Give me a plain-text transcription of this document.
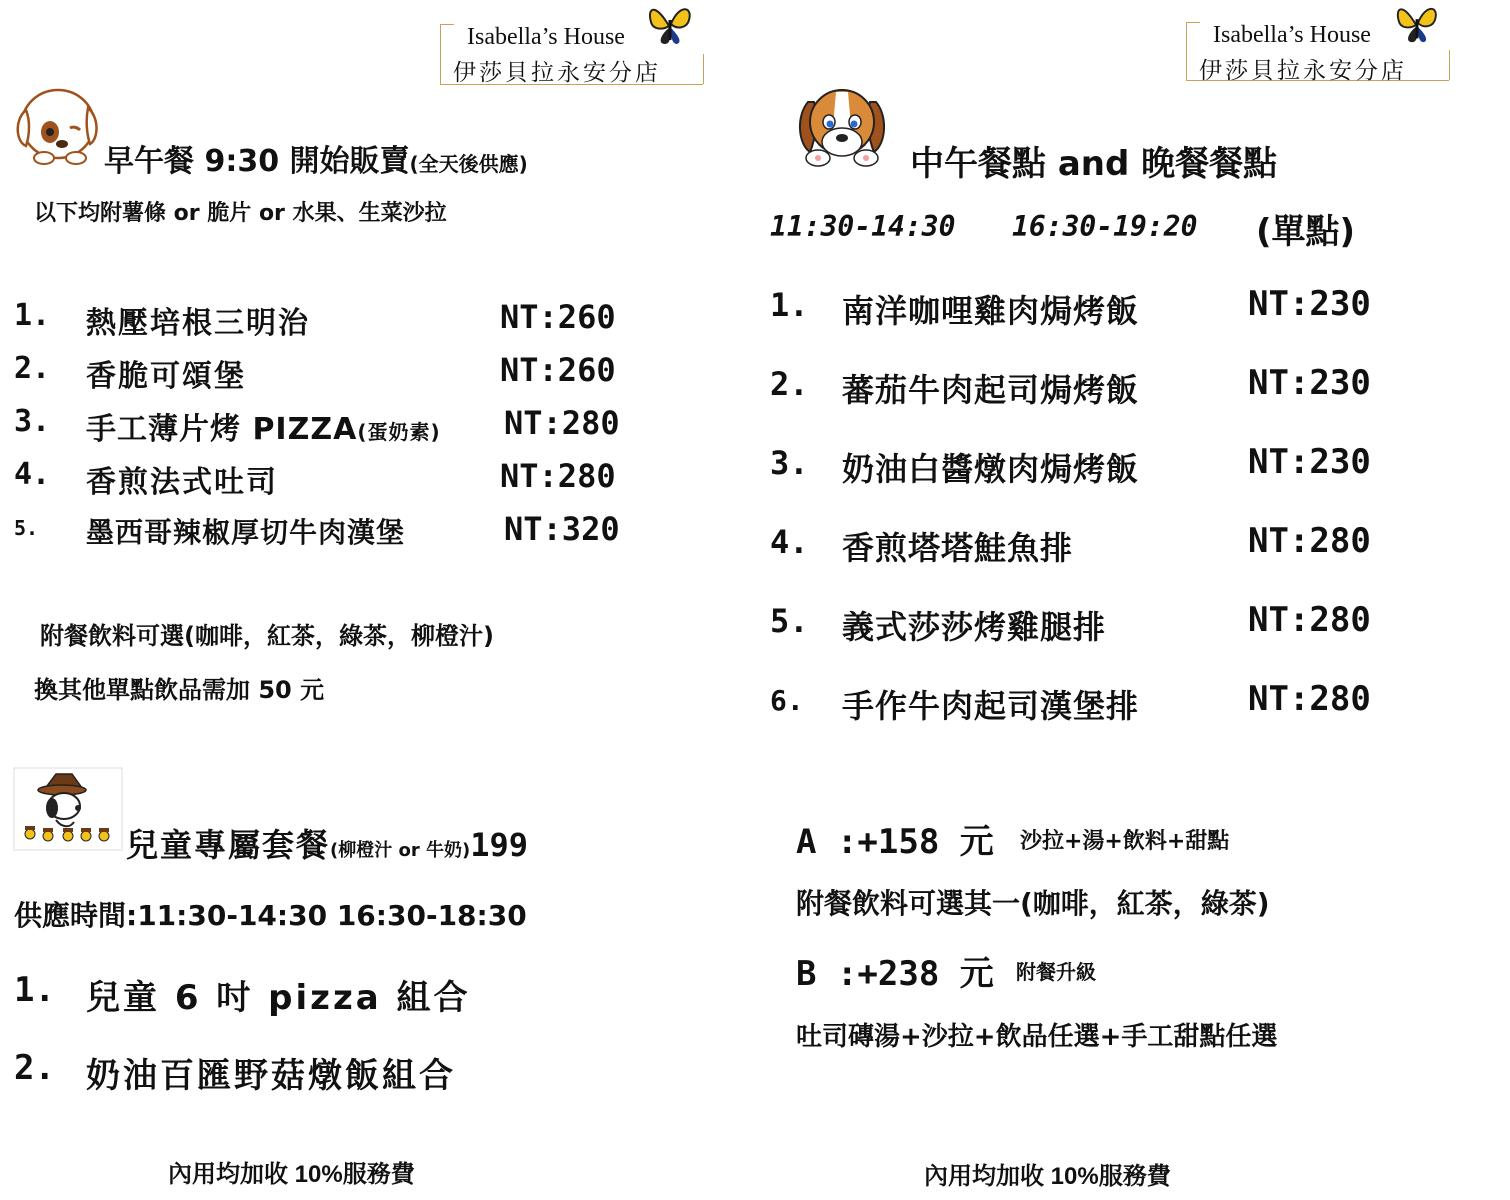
Isabella’s House
伊莎貝拉永安分店
Isabella’s House
伊莎貝拉永安分店
早午餐 9:30 開始販賣(全天後供應)
以下均附薯條 or 脆片 or 水果、生菜沙拉
1. 熱壓培根三明治	NT:260
2. 香脆可頌堡	NT:260
3. 手工薄片烤 PIZZA(蛋奶素) NT:280
4. 香煎法式吐司	NT:280
5. 墨西哥辣椒厚切牛肉漢堡	NT:320
附餐飲料可選(咖啡，紅茶，綠茶，柳橙汁)
換其他單點飲品需加 50 元
兒童專屬套餐(柳橙汁 or 牛奶)199
供應時間:11:30-14:30 16:30-18:30
1. 兒童 6 吋 pizza 組合
2. 奶油百匯野菇燉飯組合
內用均加收 10%服務費
中午餐點 and 晚餐餐點
11:30-14:30 16:30-19:20 (單點)
1. 南洋咖哩雞肉焗烤飯	NT:230
2. 蕃茄牛肉起司焗烤飯	NT:230
3. 奶油白醬燉肉焗烤飯	NT:230
4. 香煎塔塔鮭魚排	NT:280
5. 義式莎莎烤雞腿排	NT:280
6. 手作牛肉起司漢堡排	NT:280
A :+158 元 沙拉+湯+飲料+甜點
附餐飲料可選其一(咖啡，紅茶，綠茶)
B :+238 元 附餐升級
吐司磚湯+沙拉+飲品任選+手工甜點任選
內用均加收 10%服務費
